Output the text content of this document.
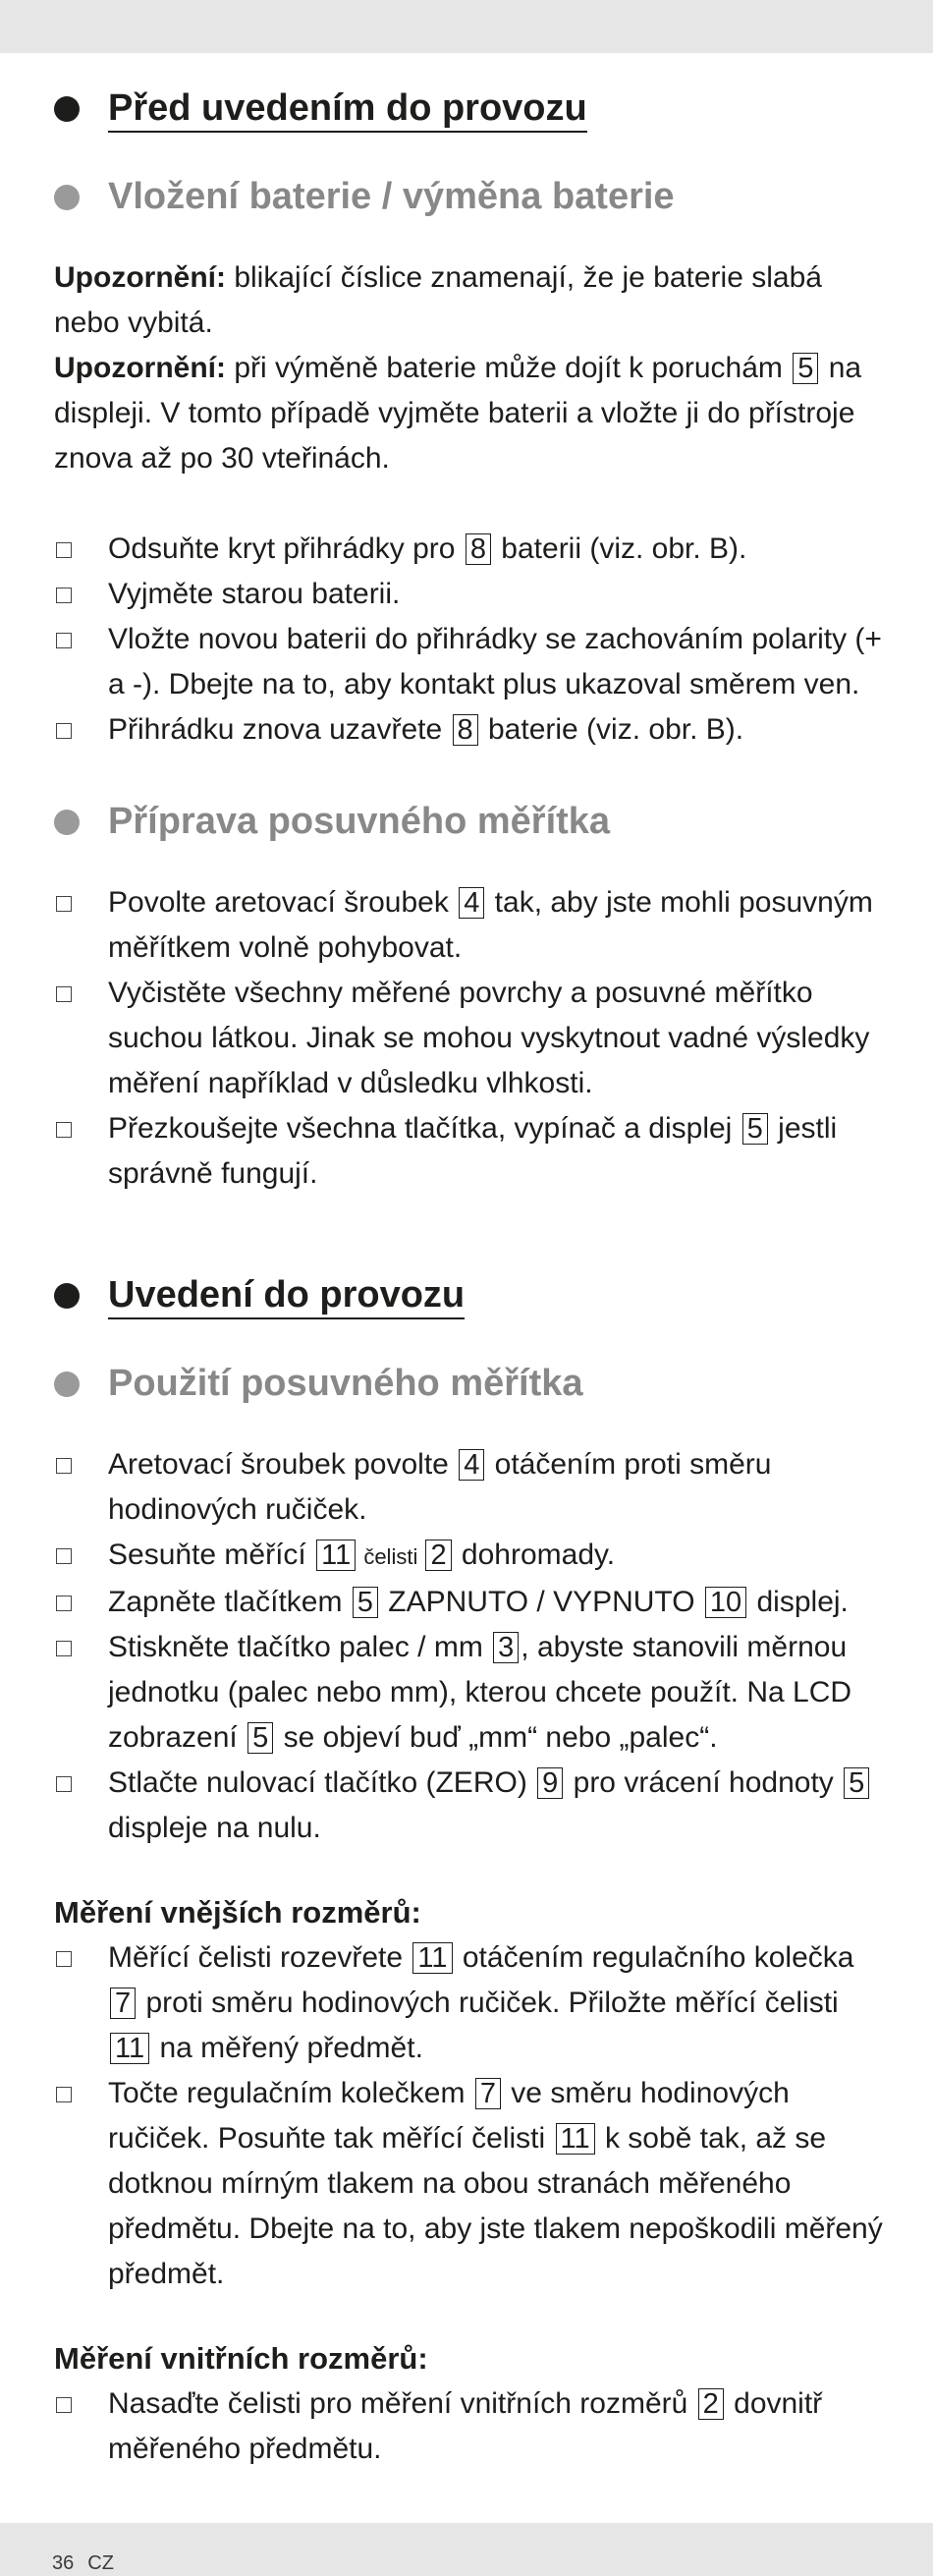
Před uvedením do provozu
Vložení baterie / výměna baterie
Upozornění: blikající číslice znamenají, že je baterie slabá nebo vybitá.
Upozornění: při výměně baterie může dojít k poruchám 5 na displeji. V tomto případě vyjměte baterii a vložte ji do přístroje znova až po 30 vteřinách.
Odsuňte kryt přihrádky pro 8 baterii (viz. obr. B).
Vyjměte starou baterii.
Vložte novou baterii do přihrádky se zachováním polarity (+ a -). Dbejte na to, aby kontakt plus ukazoval směrem ven.
Přihrádku znova uzavřete 8 baterie (viz. obr. B).
Příprava posuvného měřítka
Povolte aretovací šroubek 4 tak, aby jste mohli posuvným měřítkem volně pohybovat.
Vyčistěte všechny měřené povrchy a posuvné měřítko suchou látkou. Jinak se mohou vyskytnout vadné výsledky měření například v důsledku vlhkosti.
Přezkoušejte všechna tlačítka, vypínač a displej 5 jestli správně fungují.
Uvedení do provozu
Použití posuvného měřítka
Aretovací šroubek povolte 4 otáčením proti směru hodinových ručiček.
Sesuňte měřící 11 čelisti 2 dohromady.
Zapněte tlačítkem 5 ZAPNUTO / VYPNUTO 10 displej.
Stiskněte tlačítko palec / mm 3 , abyste stanovili měrnou jednotku (palec nebo mm), kterou chcete použít. Na LCD zobrazení 5 se objeví buď „mm“ nebo „palec“.
Stlačte nulovací tlačítko (ZERO) 9 pro vrácení hodnoty 5 displeje na nulu.
Měření vnějších rozměrů:
Měřící čelisti rozevřete 11 otáčením regulačního kolečka 7 proti směru hodinových ručiček. Přiložte měřící čelisti 11 na měřený předmět.
Točte regulačním kolečkem 7 ve směru hodinových ručiček. Posuňte tak měřící čelisti 11 k sobě tak, až se dotknou mírným tlakem na obou stranách měřeného předmětu. Dbejte na to, aby jste tlakem nepoškodili měřený předmět.
Měření vnitřních rozměrů:
Nasaďte čelisti pro měření vnitřních rozměrů 2 dovnitř měřeného předmětu.
36 CZ
